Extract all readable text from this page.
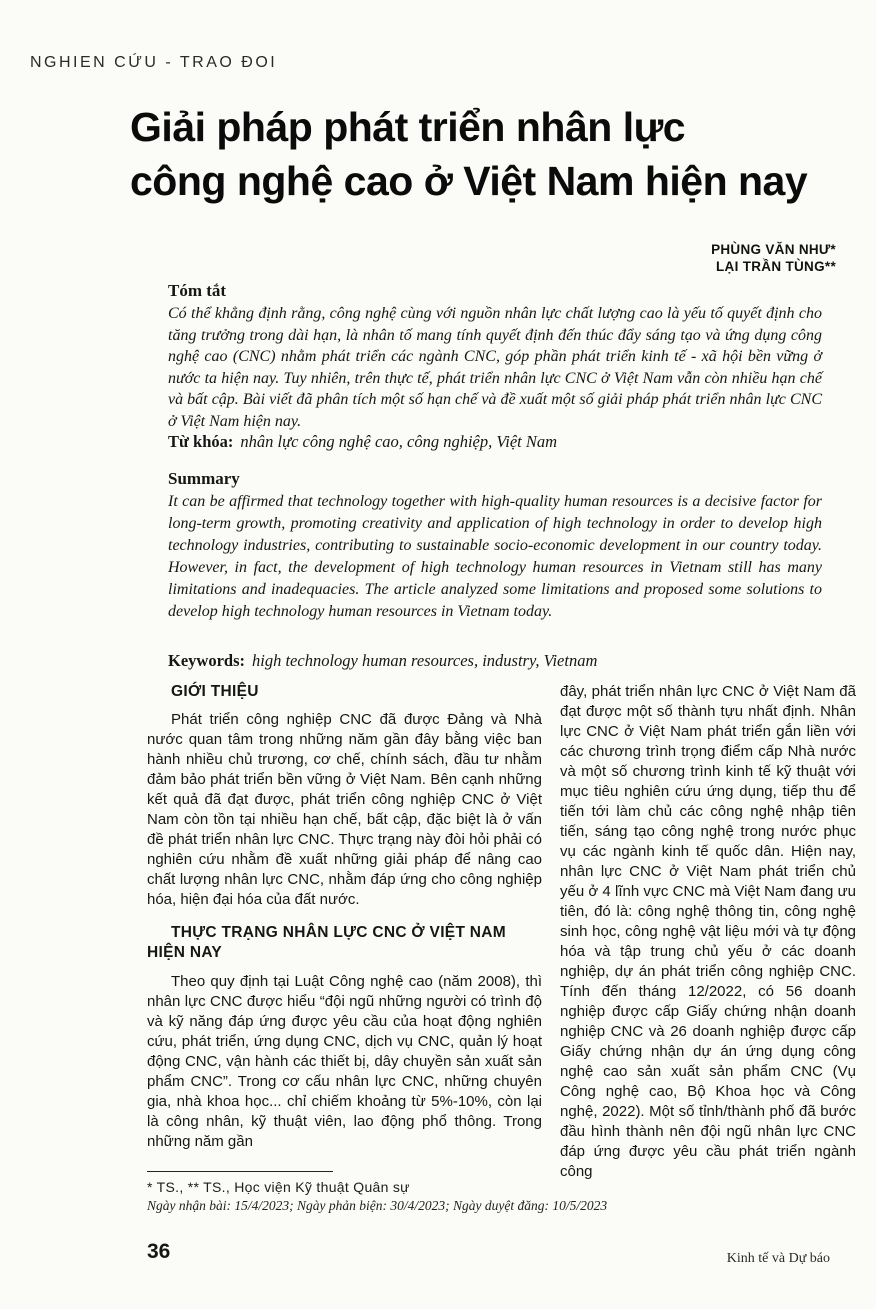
NGHIEN CỨU - TRAO ĐOI
Giải pháp phát triển nhân lực
công nghệ cao ở Việt Nam hiện nay
PHÙNG VĂN NHƯ*
LẠI TRẦN TÙNG**

Tóm tắt

Có thể khẳng định rằng, công nghệ cùng với nguồn nhân lực chất lượng cao là yếu tố quyết định cho tăng trưởng trong dài hạn, là nhân tố mang tính quyết định đến thúc đẩy sáng tạo và ứng dụng công nghệ cao (CNC) nhằm phát triển các ngành CNC, góp phần phát triển kinh tế - xã hội bền vững ở nước ta hiện nay. Tuy nhiên, trên thực tế, phát triển nhân lực CNC ở Việt Nam vẫn còn nhiều hạn chế và bất cập. Bài viết đã phân tích một số hạn chế và đề xuất một số giải pháp phát triển nhân lực CNC ở Việt Nam hiện nay.

Từ khóa: nhân lực công nghệ cao, công nghiệp, Việt Nam

Summary

It can be affirmed that technology together with high-quality human resources is a decisive factor for long-term growth, promoting creativity and application of high technology in order to develop high technology industries, contributing to sustainable socio-economic development in our country today. However, in fact, the development of high technology human resources in Vietnam still has many limitations and inadequacies. The article analyzed some limitations and proposed some solutions to develop high technology human resources in Vietnam today.

Keywords: high technology human resources, industry, Vietnam

GIỚI THIỆU

Phát triển công nghiệp CNC đã được Đảng và Nhà nước quan tâm trong những năm gần đây bằng việc ban hành nhiều chủ trương, cơ chế, chính sách, đầu tư nhằm đảm bảo phát triển bền vững ở Việt Nam. Bên cạnh những kết quả đã đạt được, phát triển công nghiệp CNC ở Việt Nam còn tồn tại nhiều hạn chế, bất cập, đặc biệt là ở vấn đề phát triển nhân lực CNC. Thực trạng này đòi hỏi phải có nghiên cứu nhằm đề xuất những giải pháp để nâng cao chất lượng nhân lực CNC, nhằm đáp ứng cho công nghiệp hóa, hiện đại hóa của đất nước.

THỰC TRẠNG NHÂN LỰC CNC Ở VIỆT NAM HIỆN NAY

Theo quy định tại Luật Công nghệ cao (năm 2008), thì nhân lực CNC được hiểu “đội ngũ những người có trình độ và kỹ năng đáp ứng được yêu cầu của hoạt động nghiên cứu, phát triển, ứng dụng CNC, dịch vụ CNC, quản lý hoạt động CNC, vận hành các thiết bị, dây chuyền sản xuất sản phẩm CNC”. Trong cơ cấu nhân lực CNC, những chuyên gia, nhà khoa học... chỉ chiếm khoảng từ 5%-10%, còn lại là công nhân, kỹ thuật viên, lao động phổ thông. Trong những năm gần

đây, phát triển nhân lực CNC ở Việt Nam đã đạt được một số thành tựu nhất định. Nhân lực CNC ở Việt Nam phát triển gắn liền với các chương trình trọng điểm cấp Nhà nước và một số chương trình kinh tế kỹ thuật với mục tiêu nghiên cứu ứng dụng, tiếp thu để tiến tới làm chủ các công nghệ nhập tiên tiến, sáng tạo công nghệ trong nước phục vụ các ngành kinh tế quốc dân. Hiện nay, nhân lực CNC ở Việt Nam phát triển chủ yếu ở 4 lĩnh vực CNC mà Việt Nam đang ưu tiên, đó là: công nghệ thông tin, công nghệ sinh học, công nghệ vật liệu mới và tự động hóa và tập trung chủ yếu ở các doanh nghiệp, dự án phát triển công nghiệp CNC. Tính đến tháng 12/2022, có 56 doanh nghiệp được cấp Giấy chứng nhận doanh nghiệp CNC và 26 doanh nghiệp được cấp Giấy chứng nhận dự án ứng dụng công nghệ cao sản xuất sản phẩm CNC (Vụ Công nghệ cao, Bộ Khoa học và Công nghệ, 2022). Một số tỉnh/thành phố đã bước đầu hình thành nên đội ngũ nhân lực CNC đáp ứng được yêu cầu phát triển ngành công

* TS., ** TS., Học viện Kỹ thuật Quân sự
Ngày nhận bài: 15/4/2023; Ngày phản biện: 30/4/2023; Ngày duyệt đăng: 10/5/2023
36	Kinh tế và Dự báo
